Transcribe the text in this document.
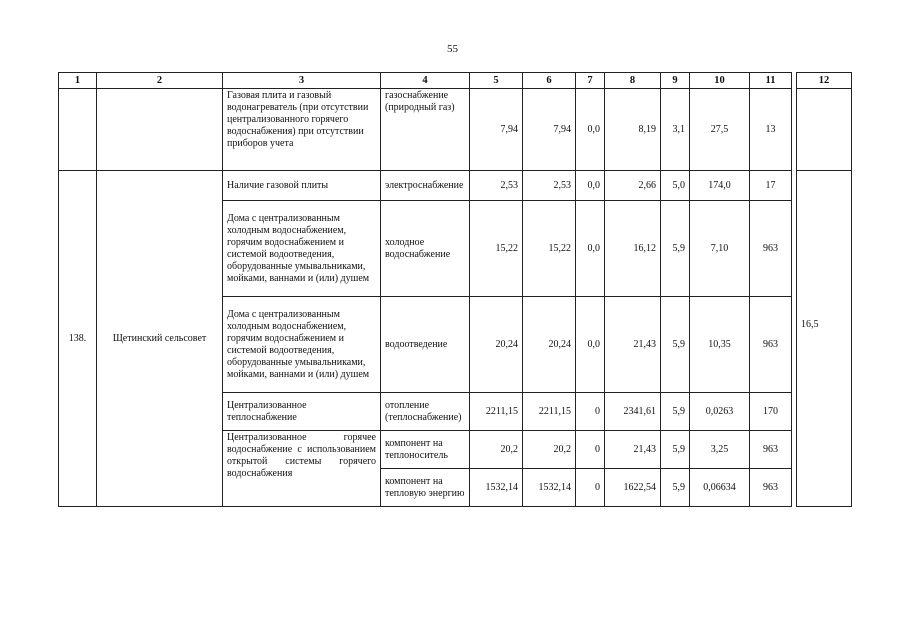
55
1	2	3	4	5	6	7	8	9	10	11		12
		Газовая плита и газовый водонагреватель (при отсутствии централизованного горячего водоснабжения) при отсутствии приборов учета	газоснабжение (природный газ)	7,94	7,94	0,0	8,19	3,1	27,5	13		
138.	Щетинский сельсовет	Наличие газовой плиты	электроснабжение	2,53	2,53	0,0	2,66	5,0	174,0	17		16,5
		Дома с централизованным холодным водоснабжением, горячим водоснабжением и системой водоотведения, оборудованные умывальниками, мойками, ваннами и (или) душем	холодное водоснабжение	15,22	15,22	0,0	16,12	5,9	7,10	963		
		Дома с централизованным холодным водоснабжением, горячим водоснабжением и системой водоотведения, оборудованные умывальниками, мойками, ваннами и (или) душем	водоотведение	20,24	20,24	0,0	21,43	5,9	10,35	963		
		Централизованное теплоснабжение	отопление (теплоснабжение)	2211,15	2211,15	0	2341,61	5,9	0,0263	170		
		Централизованное горячее водоснабжение с использованием открытой системы горячего водоснабжения	компонент на теплоноситель	20,2	20,2	0	21,43	5,9	3,25	963		
			компонент на тепловую энергию	1532,14	1532,14	0	1622,54	5,9	0,06634	963		
